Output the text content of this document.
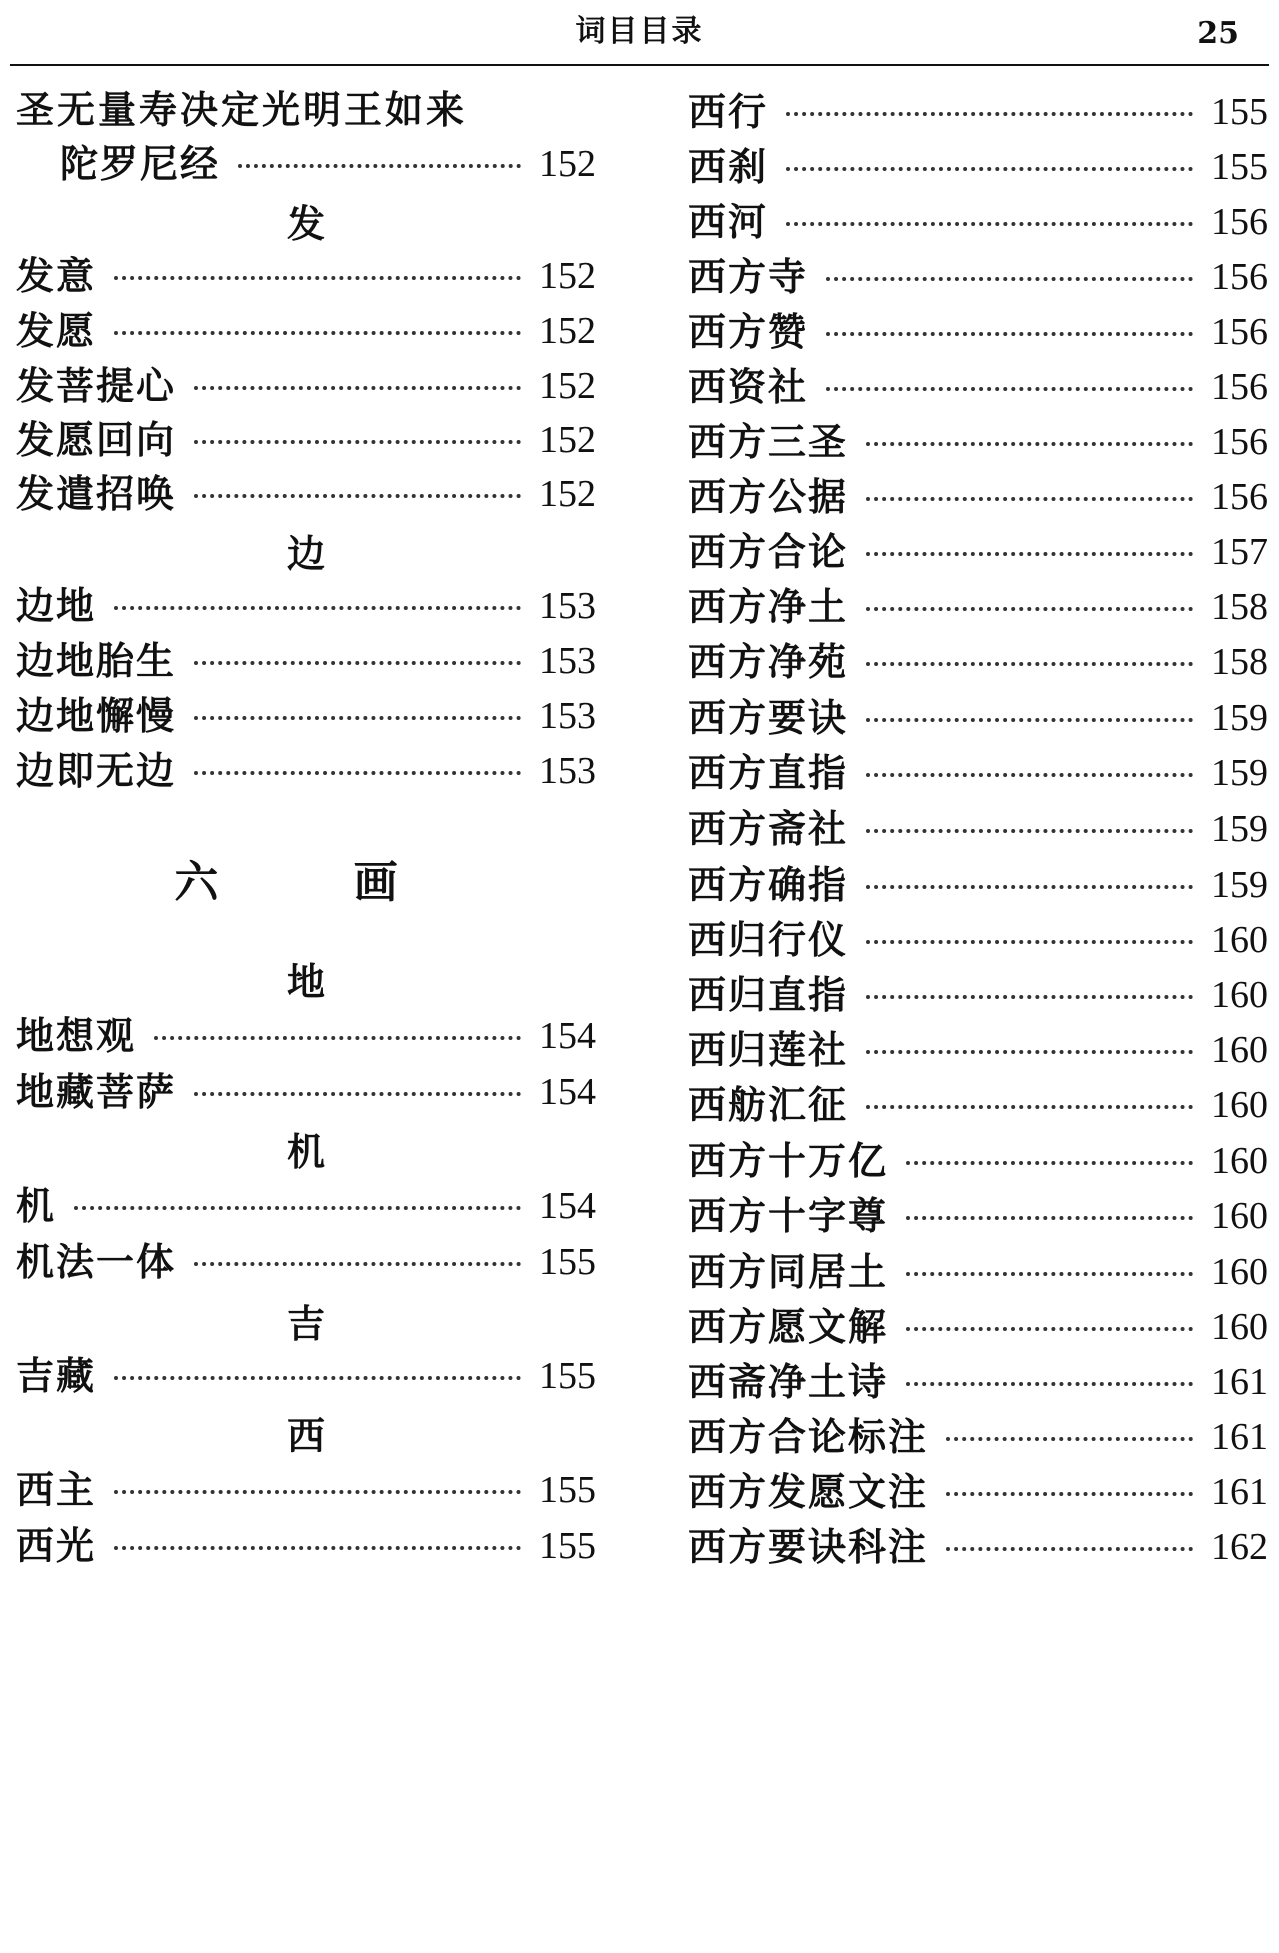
词目目录	25
圣无量寿决定光明王如来
陀罗尼经	152
发
发意	152
发愿	152
发菩提心	152
发愿回向	152
发遣招唤	152
边
边地	153
边地胎生	153
边地懈慢	153
边即无边	153
六 画
地
地想观	154
地藏菩萨	154
机
机	154
机法一体	155
吉
吉藏	155
西
西主	155
西光	155
西行	155
西刹	155
西河	156
西方寺	156
西方赞	156
西资社	156
西方三圣	156
西方公据	156
西方合论	157
西方净土	158
西方净苑	158
西方要诀	159
西方直指	159
西方斋社	159
西方确指	159
西归行仪	160
西归直指	160
西归莲社	160
西舫汇征	160
西方十万亿	160
西方十字尊	160
西方同居土	160
西方愿文解	160
西斋净土诗	161
西方合论标注	161
西方发愿文注	161
西方要诀科注	162
